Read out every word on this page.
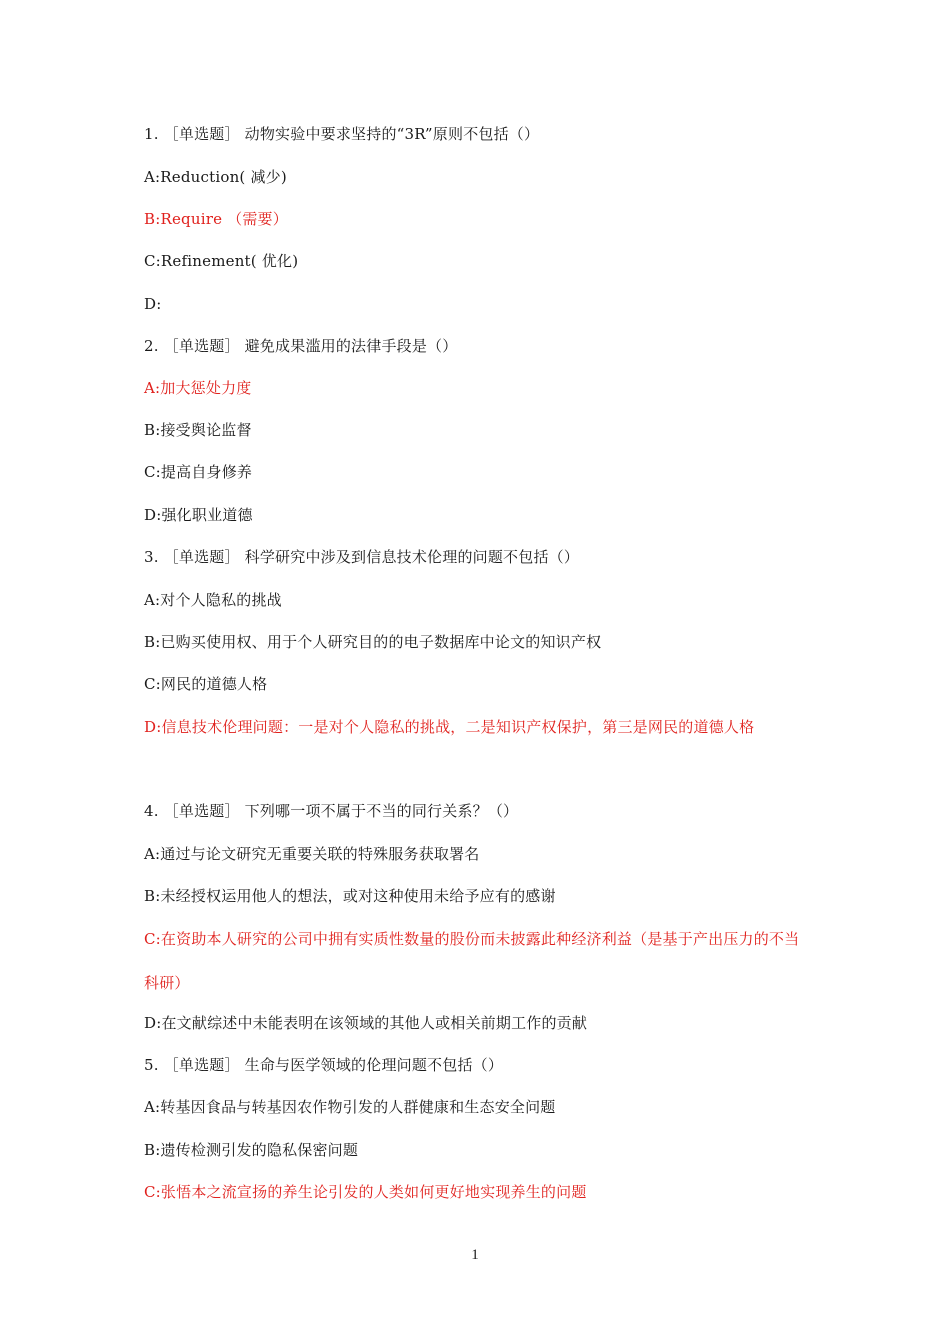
1. ［单选题］ 动物实验中要求坚持的“3R”原则不包括（）
A:Reduction( 减少)
B:Require （需要）
C:Refinement( 优化)
D:
2. ［单选题］ 避免成果滥用的法律手段是（）
A:加大惩处力度
B:接受舆论监督
C:提高自身修养
D:强化职业道德
3. ［单选题］ 科学研究中涉及到信息技术伦理的问题不包括（）
A:对个人隐私的挑战
B:已购买使用权、用于个人研究目的的电子数据库中论文的知识产权
C:网民的道德人格
D:信息技术伦理问题：一是对个人隐私的挑战，二是知识产权保护，第三是网民的道德人格
4. ［单选题］ 下列哪一项不属于不当的同行关系？（）
A:通过与论文研究无重要关联的特殊服务获取署名
B:未经授权运用他人的想法，或对这种使用未给予应有的感谢
C:在资助本人研究的公司中拥有实质性数量的股份而未披露此种经济利益（是基于产出压力的不当科研）
D:在文献综述中未能表明在该领域的其他人或相关前期工作的贡献
5. ［单选题］ 生命与医学领域的伦理问题不包括（）
A:转基因食品与转基因农作物引发的人群健康和生态安全问题
B:遗传检测引发的隐私保密问题
C:张悟本之流宣扬的养生论引发的人类如何更好地实现养生的问题
1
